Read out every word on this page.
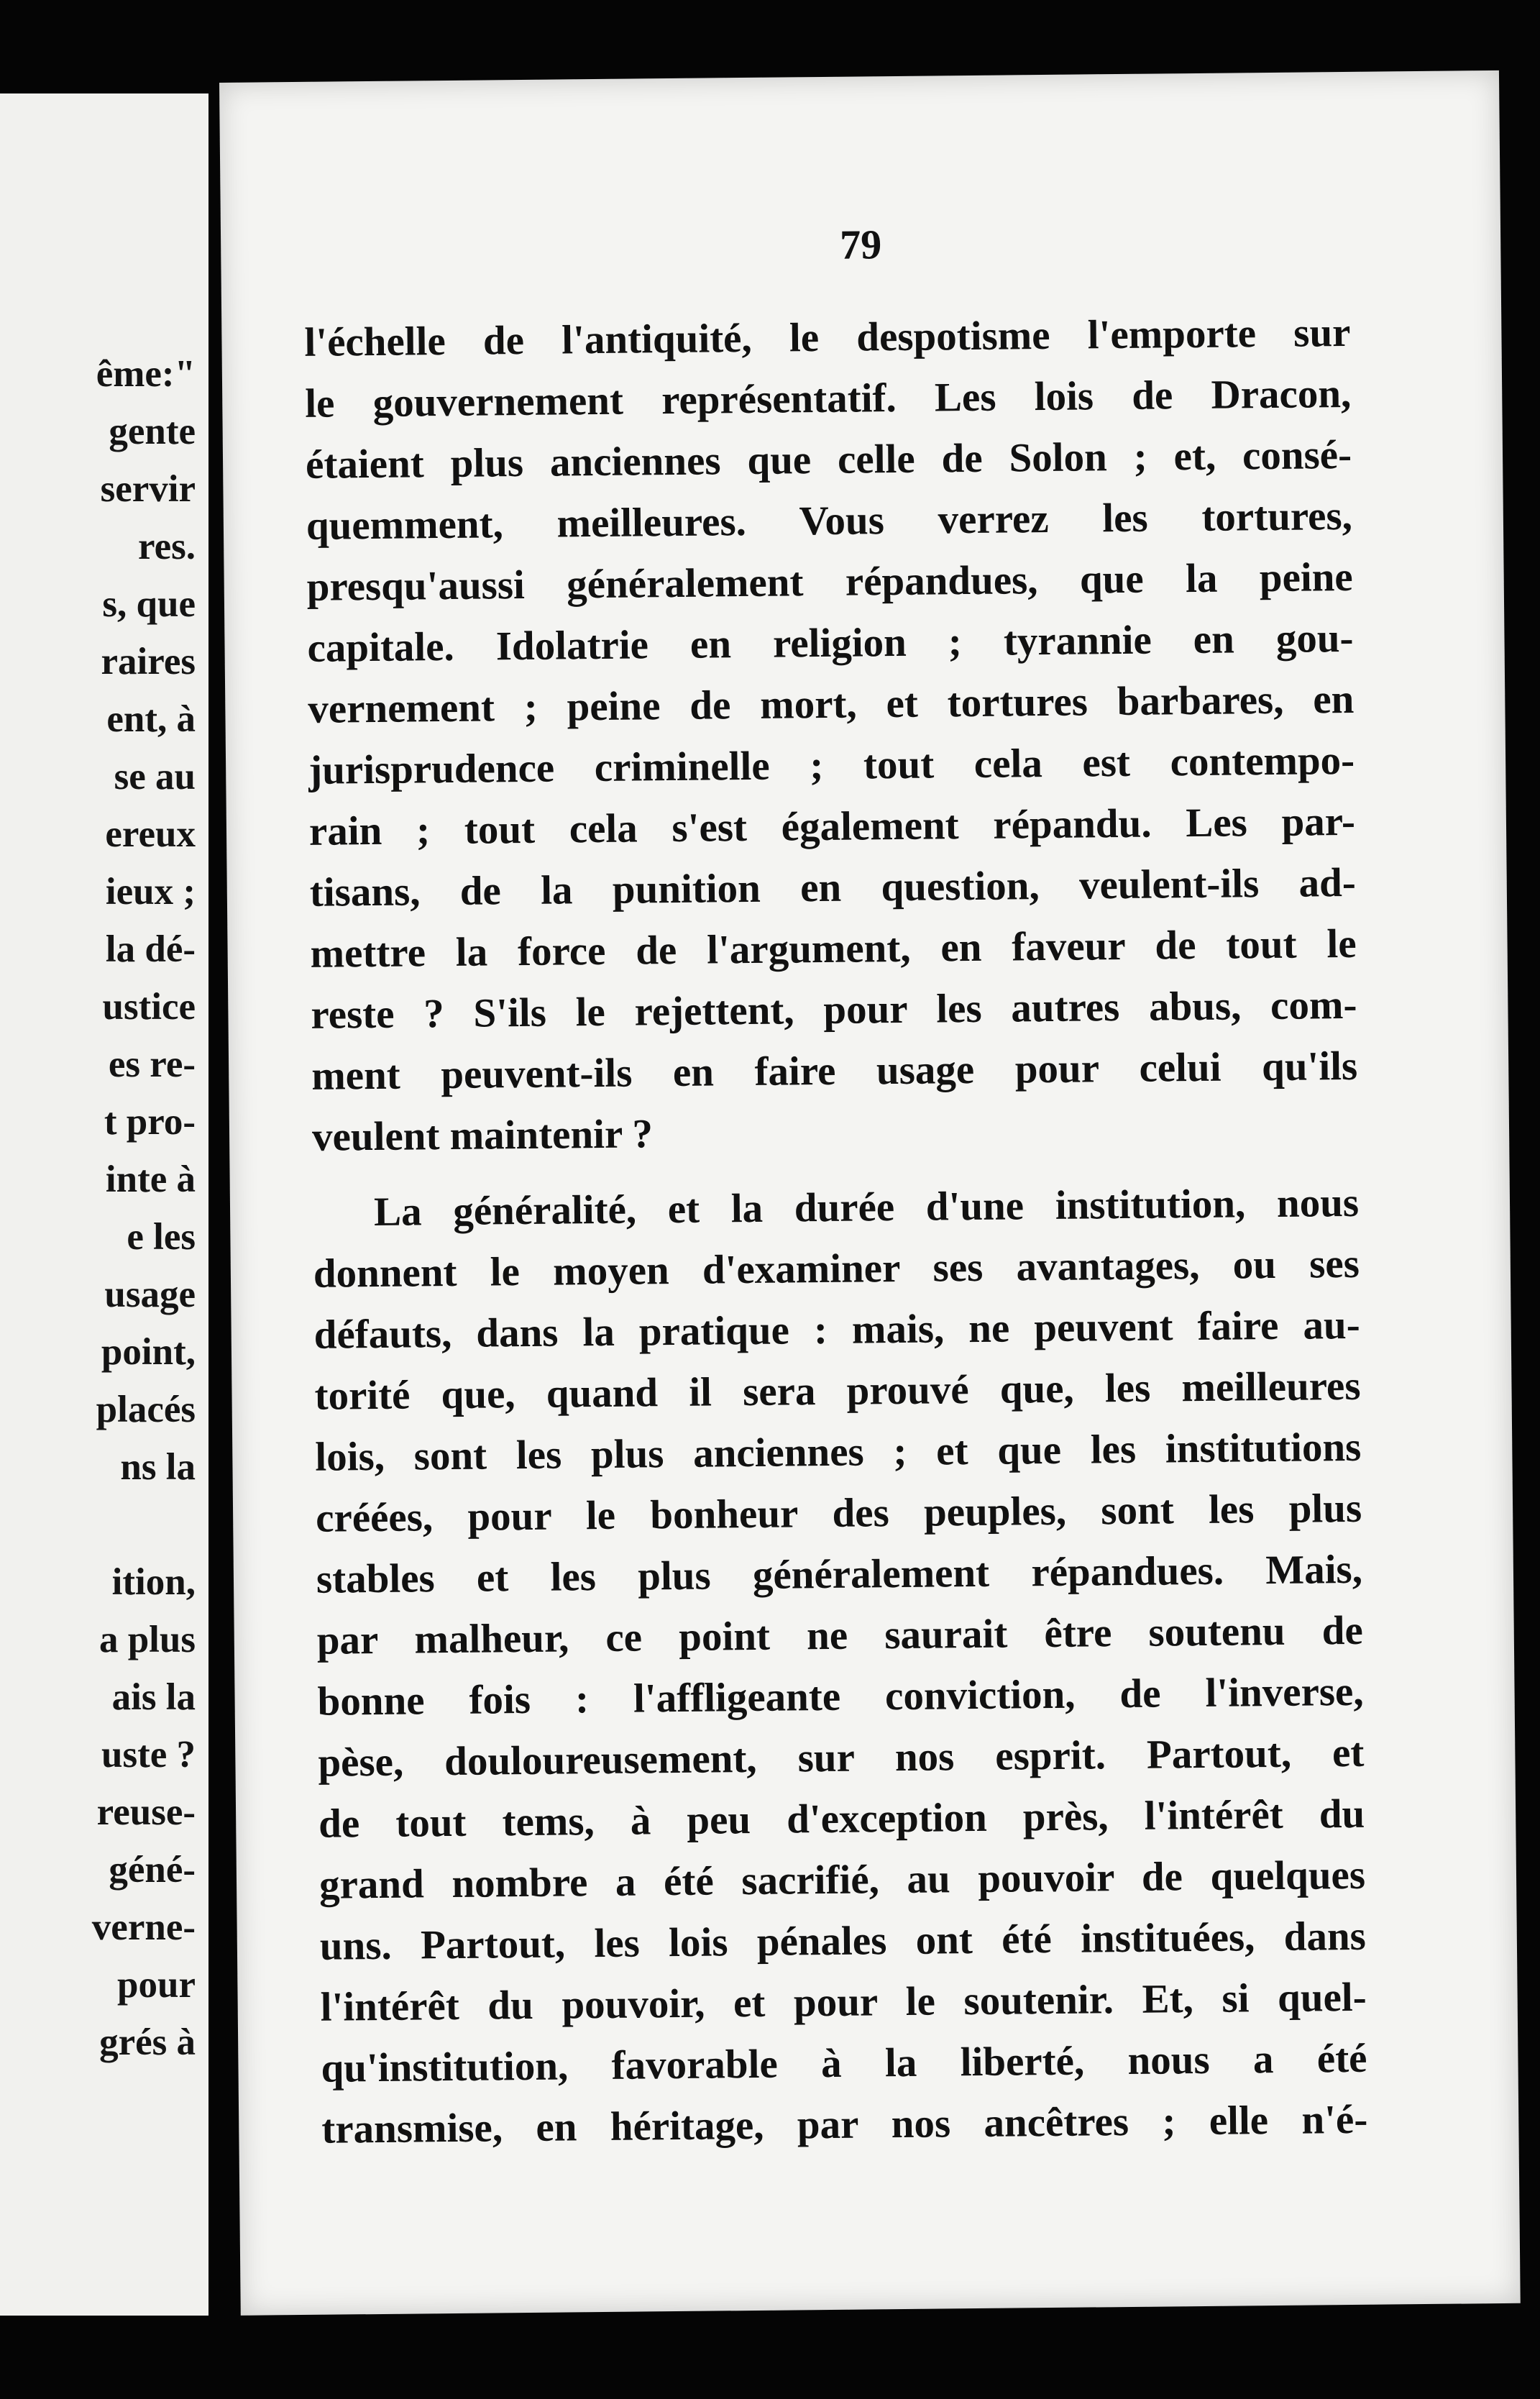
ême:"
gente
servir
res.
s, que
raires
ent, à
se au
ereux
ieux ;
la dé-
ustice
es re-
t pro-
inte à
e les
usage
point,
placés
ns la
ition,
a plus
ais la
uste ?
reuse-
géné-
verne-
pour
grés à
79
l'échelle de l'antiquité, le despotisme l'emporte sur
le gouvernement représentatif. Les lois de Dracon,
étaient plus anciennes que celle de Solon ; et, consé-
quemment, meilleures. Vous verrez les tortures,
presqu'aussi généralement répandues, que la peine
capitale. Idolatrie en religion ; tyrannie en gou-
vernement ; peine de mort, et tortures barbares, en
jurisprudence criminelle ; tout cela est contempo-
rain ; tout cela s'est également répandu. Les par-
tisans, de la punition en question, veulent-ils ad-
mettre la force de l'argument, en faveur de tout le
reste ? S'ils le rejettent, pour les autres abus, com-
ment peuvent-ils en faire usage pour celui qu'ils
veulent maintenir ?
La généralité, et la durée d'une institution, nous
donnent le moyen d'examiner ses avantages, ou ses
défauts, dans la pratique : mais, ne peuvent faire au-
torité que, quand il sera prouvé que, les meilleures
lois, sont les plus anciennes ; et que les institutions
créées, pour le bonheur des peuples, sont les plus
stables et les plus généralement répandues. Mais,
par malheur, ce point ne saurait être soutenu de
bonne fois : l'affligeante conviction, de l'inverse,
pèse, douloureusement, sur nos esprit. Partout, et
de tout tems, à peu d'exception près, l'intérêt du
grand nombre a été sacrifié, au pouvoir de quelques
uns. Partout, les lois pénales ont été instituées, dans
l'intérêt du pouvoir, et pour le soutenir. Et, si quel-
qu'institution, favorable à la liberté, nous a été
transmise, en héritage, par nos ancêtres ; elle n'é-
